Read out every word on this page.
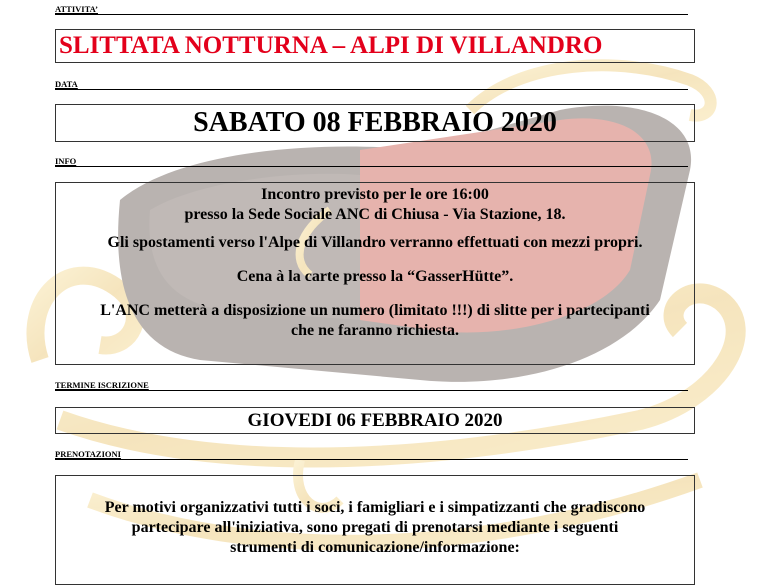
ATTIVITA’
SLITTATA NOTTURNA – ALPI DI VILLANDRO
DATA
SABATO 08 FEBBRAIO 2020
INFO

Incontro previsto per le ore 16:00

presso la Sede Sociale ANC di Chiusa - Via Stazione, 18.

Gli spostamenti verso l'Alpe di Villandro verranno effettuati con mezzi propri.

Cena à la carte presso la “GasserHütte”.

L'ANC metterà a disposizione un numero (limitato !!!) di slitte per i partecipanti

che ne faranno richiesta.

TERMINE ISCRIZIONE
GIOVEDI 06 FEBBRAIO 2020
PRENOTAZIONI

Per motivi organizzativi tutti i soci, i famigliari e i simpatizzanti che gradiscono

partecipare all'iniziativa, sono pregati di prenotarsi mediante i seguenti

strumenti di comunicazione/informazione:
